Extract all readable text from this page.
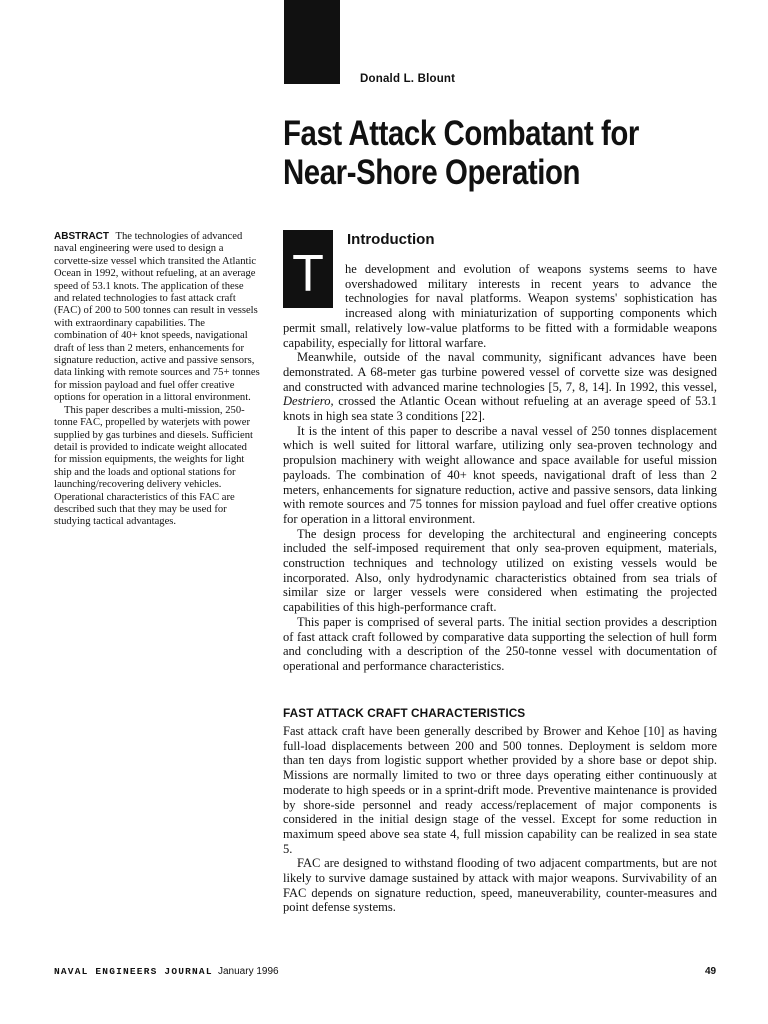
Donald L. Blount
Fast Attack Combatant for
Near-Shore Operation

ABSTRACT The technologies of advanced naval engineering were used to design a corvette-size vessel which transited the Atlantic Ocean in 1992, without refueling, at an average speed of 53.1 knots. The application of these and related technologies to fast attack craft (FAC) of 200 to 500 tonnes can result in vessels with extraordinary capabilities. The combination of 40+ knot speeds, navigational draft of less than 2 meters, enhancements for signature reduction, active and passive sensors, data linking with remote sources and 75+ tonnes for mission payload and fuel offer creative options for operation in a littoral environment.

This paper describes a multi-mission, 250-tonne FAC, propelled by waterjets with power supplied by gas turbines and diesels. Sufficient detail is provided to indicate weight allocated for mission equipments, the weights for light ship and the loads and optional stations for launching/recovering delivery vehicles. Operational characteristics of this FAC are described such that they may be used for studying tactical advantages.

Introduction

T	he development and evolution of weapons systems seems to have overshadowed military interests in recent years to advance the technologies for naval platforms. Weapon systems' sophistication has increased along with miniaturization of supporting components which permit small, relatively low-value platforms to be fitted with a formidable weapons capability, especially for littoral warfare.

Meanwhile, outside of the naval community, significant advances have been demonstrated. A 68-meter gas turbine powered vessel of corvette size was designed and constructed with advanced marine technologies [5, 7, 8, 14]. In 1992, this vessel, Destriero, crossed the Atlantic Ocean without refueling at an average speed of 53.1 knots in high sea state 3 conditions [22].

It is the intent of this paper to describe a naval vessel of 250 tonnes displacement which is well suited for littoral warfare, utilizing only sea-proven technology and propulsion machinery with weight allowance and space available for useful mission payloads. The combination of 40+ knot speeds, navigational draft of less than 2 meters, enhancements for signature reduction, active and passive sensors, data linking with remote sources and 75 tonnes for mission payload and fuel offer creative options for operation in a littoral environment.

The design process for developing the architectural and engineering concepts included the self-imposed requirement that only sea-proven equipment, materials, construction techniques and technology utilized on existing vessels would be incorporated. Also, only hydrodynamic characteristics obtained from sea trials of similar size or larger vessels were considered when estimating the projected capabilities of this high-performance craft.

This paper is comprised of several parts. The initial section provides a description of fast attack craft followed by comparative data supporting the selection of hull form and concluding with a description of the 250-tonne vessel with documentation of operational and performance characteristics.

FAST ATTACK CRAFT CHARACTERISTICS

Fast attack craft have been generally described by Brower and Kehoe [10] as having full-load displacements between 200 and 500 tonnes. Deployment is seldom more than ten days from logistic support whether provided by a shore base or depot ship. Missions are normally limited to two or three days operating either continuously at moderate to high speeds or in a sprint-drift mode. Preventive maintenance is provided by shore-side personnel and ready access/replacement of major components is considered in the initial design stage of the vessel. Except for some reduction in maximum speed above sea state 4, full mission capability can be realized in sea state 5.

FAC are designed to withstand flooding of two adjacent compartments, but are not likely to survive damage sustained by attack with major weapons. Survivability of an FAC depends on signature reduction, speed, maneuverability, counter-measures and point defense systems.

NAVAL ENGINEERS JOURNAL January 1996	49
